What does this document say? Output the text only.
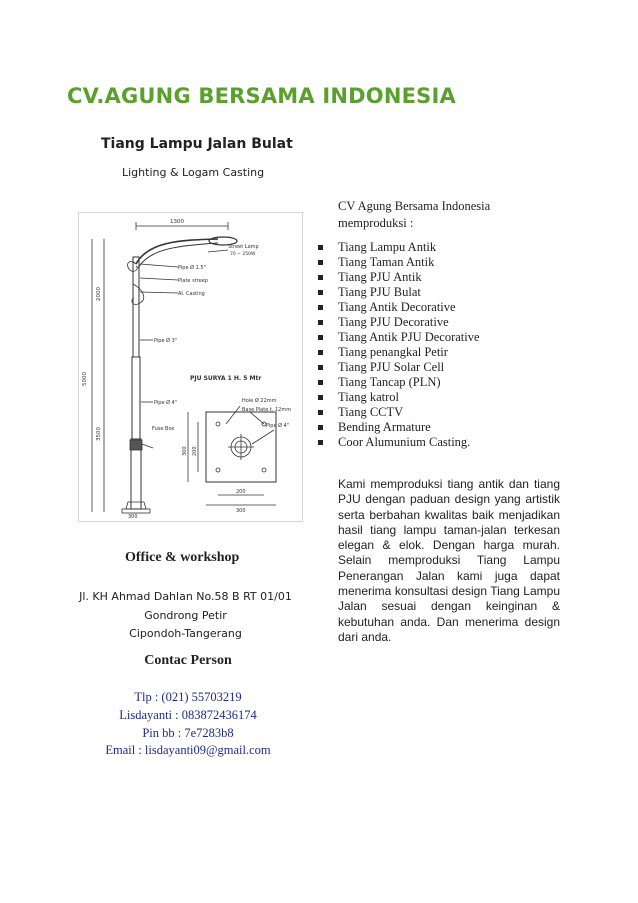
CV.AGUNG BERSAMA INDONESIA
Tiang Lampu Jalan Bulat
Lighting & Logam Casting
1300
5000
2000
3500
Street Lamp
70 ~ 250W
Pipe Ø 1.5"
Plate streep
Al. Casting
Pipe Ø 3"
PJU SURYA 1 H. 5 Mtr
Pipe Ø 4"
Fuse Box
300
Hole Ø 22mm
Base Plate t. 12mm
Pipe Ø 4"
300 200
200
300
CV Agung Bersama Indonesia
memproduksi :
Tiang Lampu Antik
Tiang Taman Antik
Tiang PJU Antik
Tiang PJU Bulat
Tiang Antik Decorative
Tiang PJU Decorative
Tiang Antik PJU Decorative
Tiang penangkal Petir
Tiang PJU Solar Cell
Tiang Tancap (PLN)
Tiang katrol
Tiang CCTV
Bending Armature
Coor Alumunium Casting.
Kami memproduksi tiang antik dan tiang PJU dengan paduan design yang artistik serta berbahan kwalitas baik menjadikan hasil tiang lampu taman-jalan terkesan elegan & elok. Dengan harga murah. Selain memproduksi Tiang Lampu Penerangan Jalan kami juga dapat menerima konsultasi design Tiang Lampu Jalan sesuai dengan keinginan & kebutuhan anda. Dan menerima design dari anda.
Office & workshop
Jl. KH Ahmad Dahlan No.58 B RT 01/01
Gondrong Petir
Cipondoh-Tangerang
Contac Person
Tlp : (021) 55703219
Lisdayanti : 083872436174
Pin bb : 7e7283b8
Email : lisdayanti09@gmail.com
